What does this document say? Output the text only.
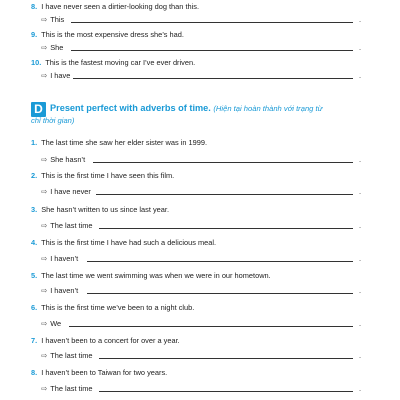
8. I have never seen a dirtier-looking dog than this.
⇨ This	.
9. This is the most expensive dress she’s had.
⇨ She	.
10. This is the fastest moving car I’ve ever driven.
⇨ I have	.
D Present perfect with adverbs of time. (Hiện tại hoàn thành với trạng từ
chỉ thời gian)
1. The last time she saw her elder sister was in 1999.
⇨ She hasn’t	.
2. This is the first time I have seen this film.
⇨ I have never	.
3. She hasn’t written to us since last year.
⇨ The last time	.
4. This is the first time I have had such a delicious meal.
⇨ I haven’t	.
5. The last time we went swimming was when we were in our hometown.
⇨ I haven’t	.
6. This is the first time we’ve been to a night club.
⇨ We	.
7. I haven’t been to a concert for over a year.
⇨ The last time	.
8. I haven’t been to Taiwan for two years.
⇨ The last time	.
